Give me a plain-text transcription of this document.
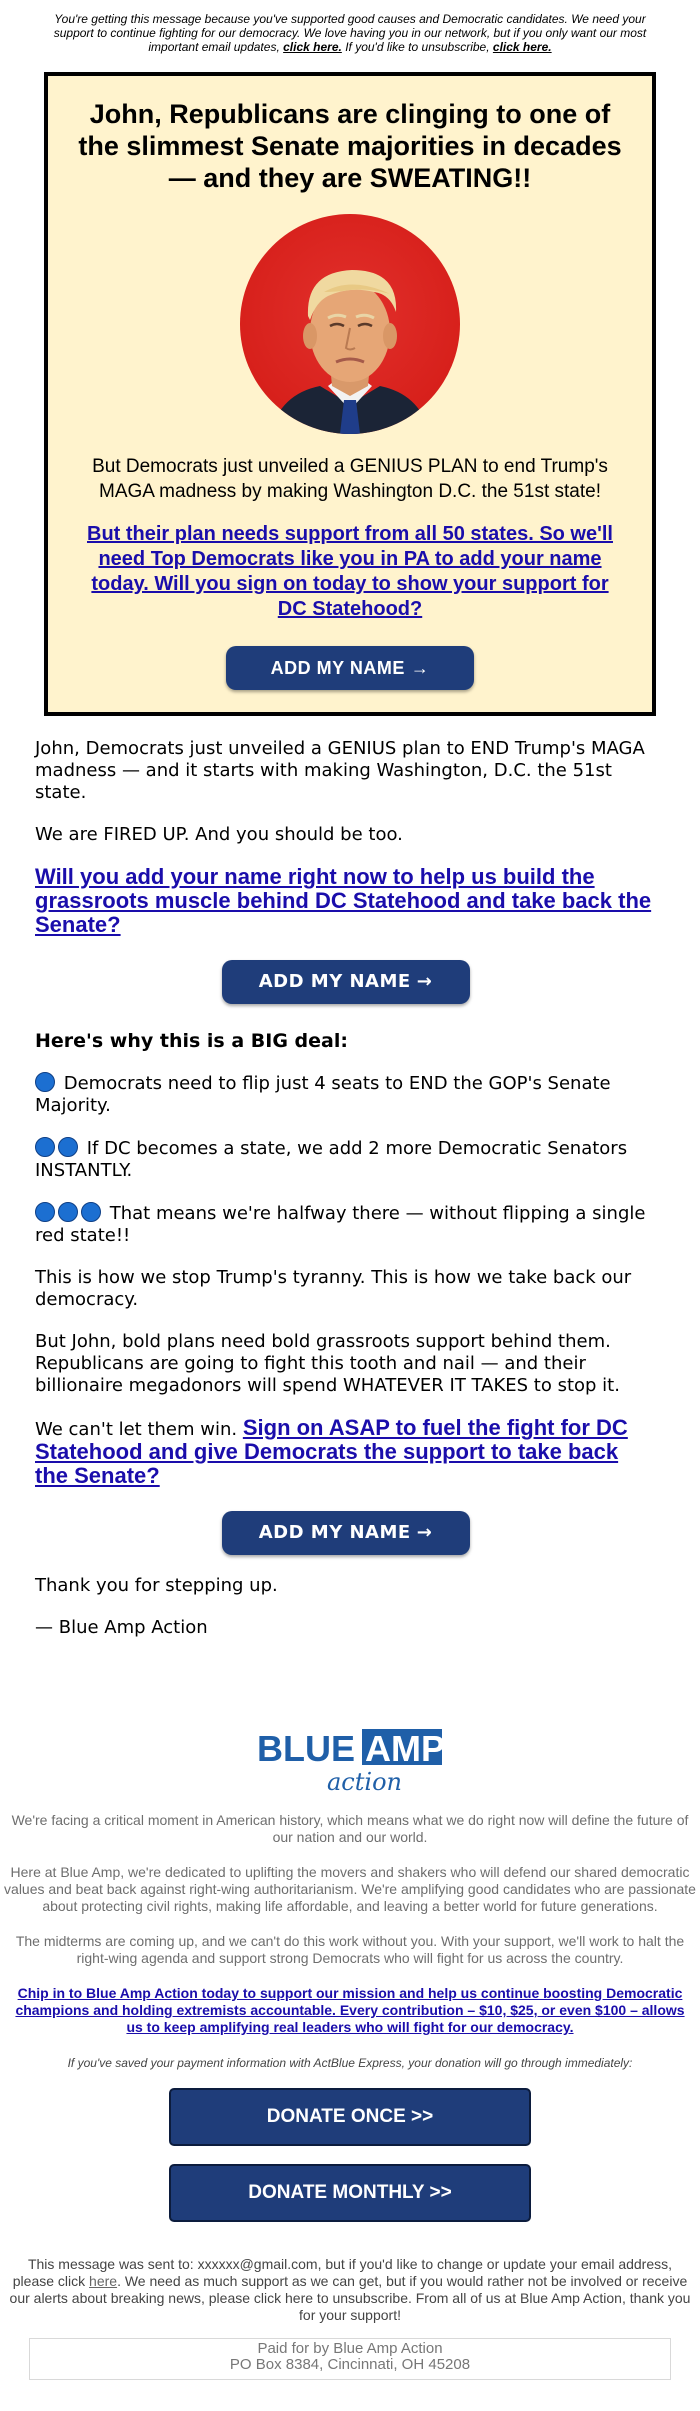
You're getting this message because you've supported good causes and Democratic candidates. We need your support to continue fighting for our democracy. We love having you in our network, but if you only want our most important email updates, click here. If you'd like to unsubscribe, click here.
John, Republicans are clinging to one of the slimmest Senate majorities in decades — and they are SWEATING!!
But Democrats just unveiled a GENIUS PLAN to end Trump's MAGA madness by making Washington D.C. the 51st state!
But their plan needs support from all 50 states. So we'll need Top Democrats like you in PA to add your name today. Will you sign on today to show your support for DC Statehood?
ADD MY NAME →

John, Democrats just unveiled a GENIUS plan to END Trump's MAGA madness — and it starts with making Washington, D.C. the 51st state.

We are FIRED UP. And you should be too.

Will you add your name right now to help us build the grassroots muscle behind DC Statehood and take back the Senate?

ADD MY NAME →
Here's why this is a BIG deal:

Democrats need to flip just 4 seats to END the GOP's Senate Majority.

If DC becomes a state, we add 2 more Democratic Senators INSTANTLY.

That means we're halfway there — without flipping a single red state!!

This is how we stop Trump's tyranny. This is how we take back our democracy.

But John, bold plans need bold grassroots support behind them. Republicans are going to fight this tooth and nail — and their billionaire megadonors will spend WHATEVER IT TAKES to stop it.

We can't let them win. Sign on ASAP to fuel the fight for DC Statehood and give Democrats the support to take back the Senate?

ADD MY NAME →

Thank you for stepping up.

— Blue Amp Action

BLUE AMP
action
We're facing a critical moment in American history, which means what we do right now will define the future of our nation and our world.
Here at Blue Amp, we're dedicated to uplifting the movers and shakers who will defend our shared democratic values and beat back against right-wing authoritarianism. We're amplifying good candidates who are passionate about protecting civil rights, making life affordable, and leaving a better world for future generations.
The midterms are coming up, and we can't do this work without you. With your support, we'll work to halt the right-wing agenda and support strong Democrats who will fight for us across the country.
Chip in to Blue Amp Action today to support our mission and help us continue boosting Democratic champions and holding extremists accountable. Every contribution – $10, $25, or even $100 – allows us to keep amplifying real leaders who will fight for our democracy.
If you've saved your payment information with ActBlue Express, your donation will go through immediately:
DONATE ONCE >>
DONATE MONTHLY >>
This message was sent to: xxxxxx@gmail.com, but if you'd like to change or update your email address, please click here. We need as much support as we can get, but if you would rather not be involved or receive our alerts about breaking news, please click here to unsubscribe. From all of us at Blue Amp Action, thank you for your support!
Paid for by Blue Amp Action
PO Box 8384, Cincinnati, OH 45208
